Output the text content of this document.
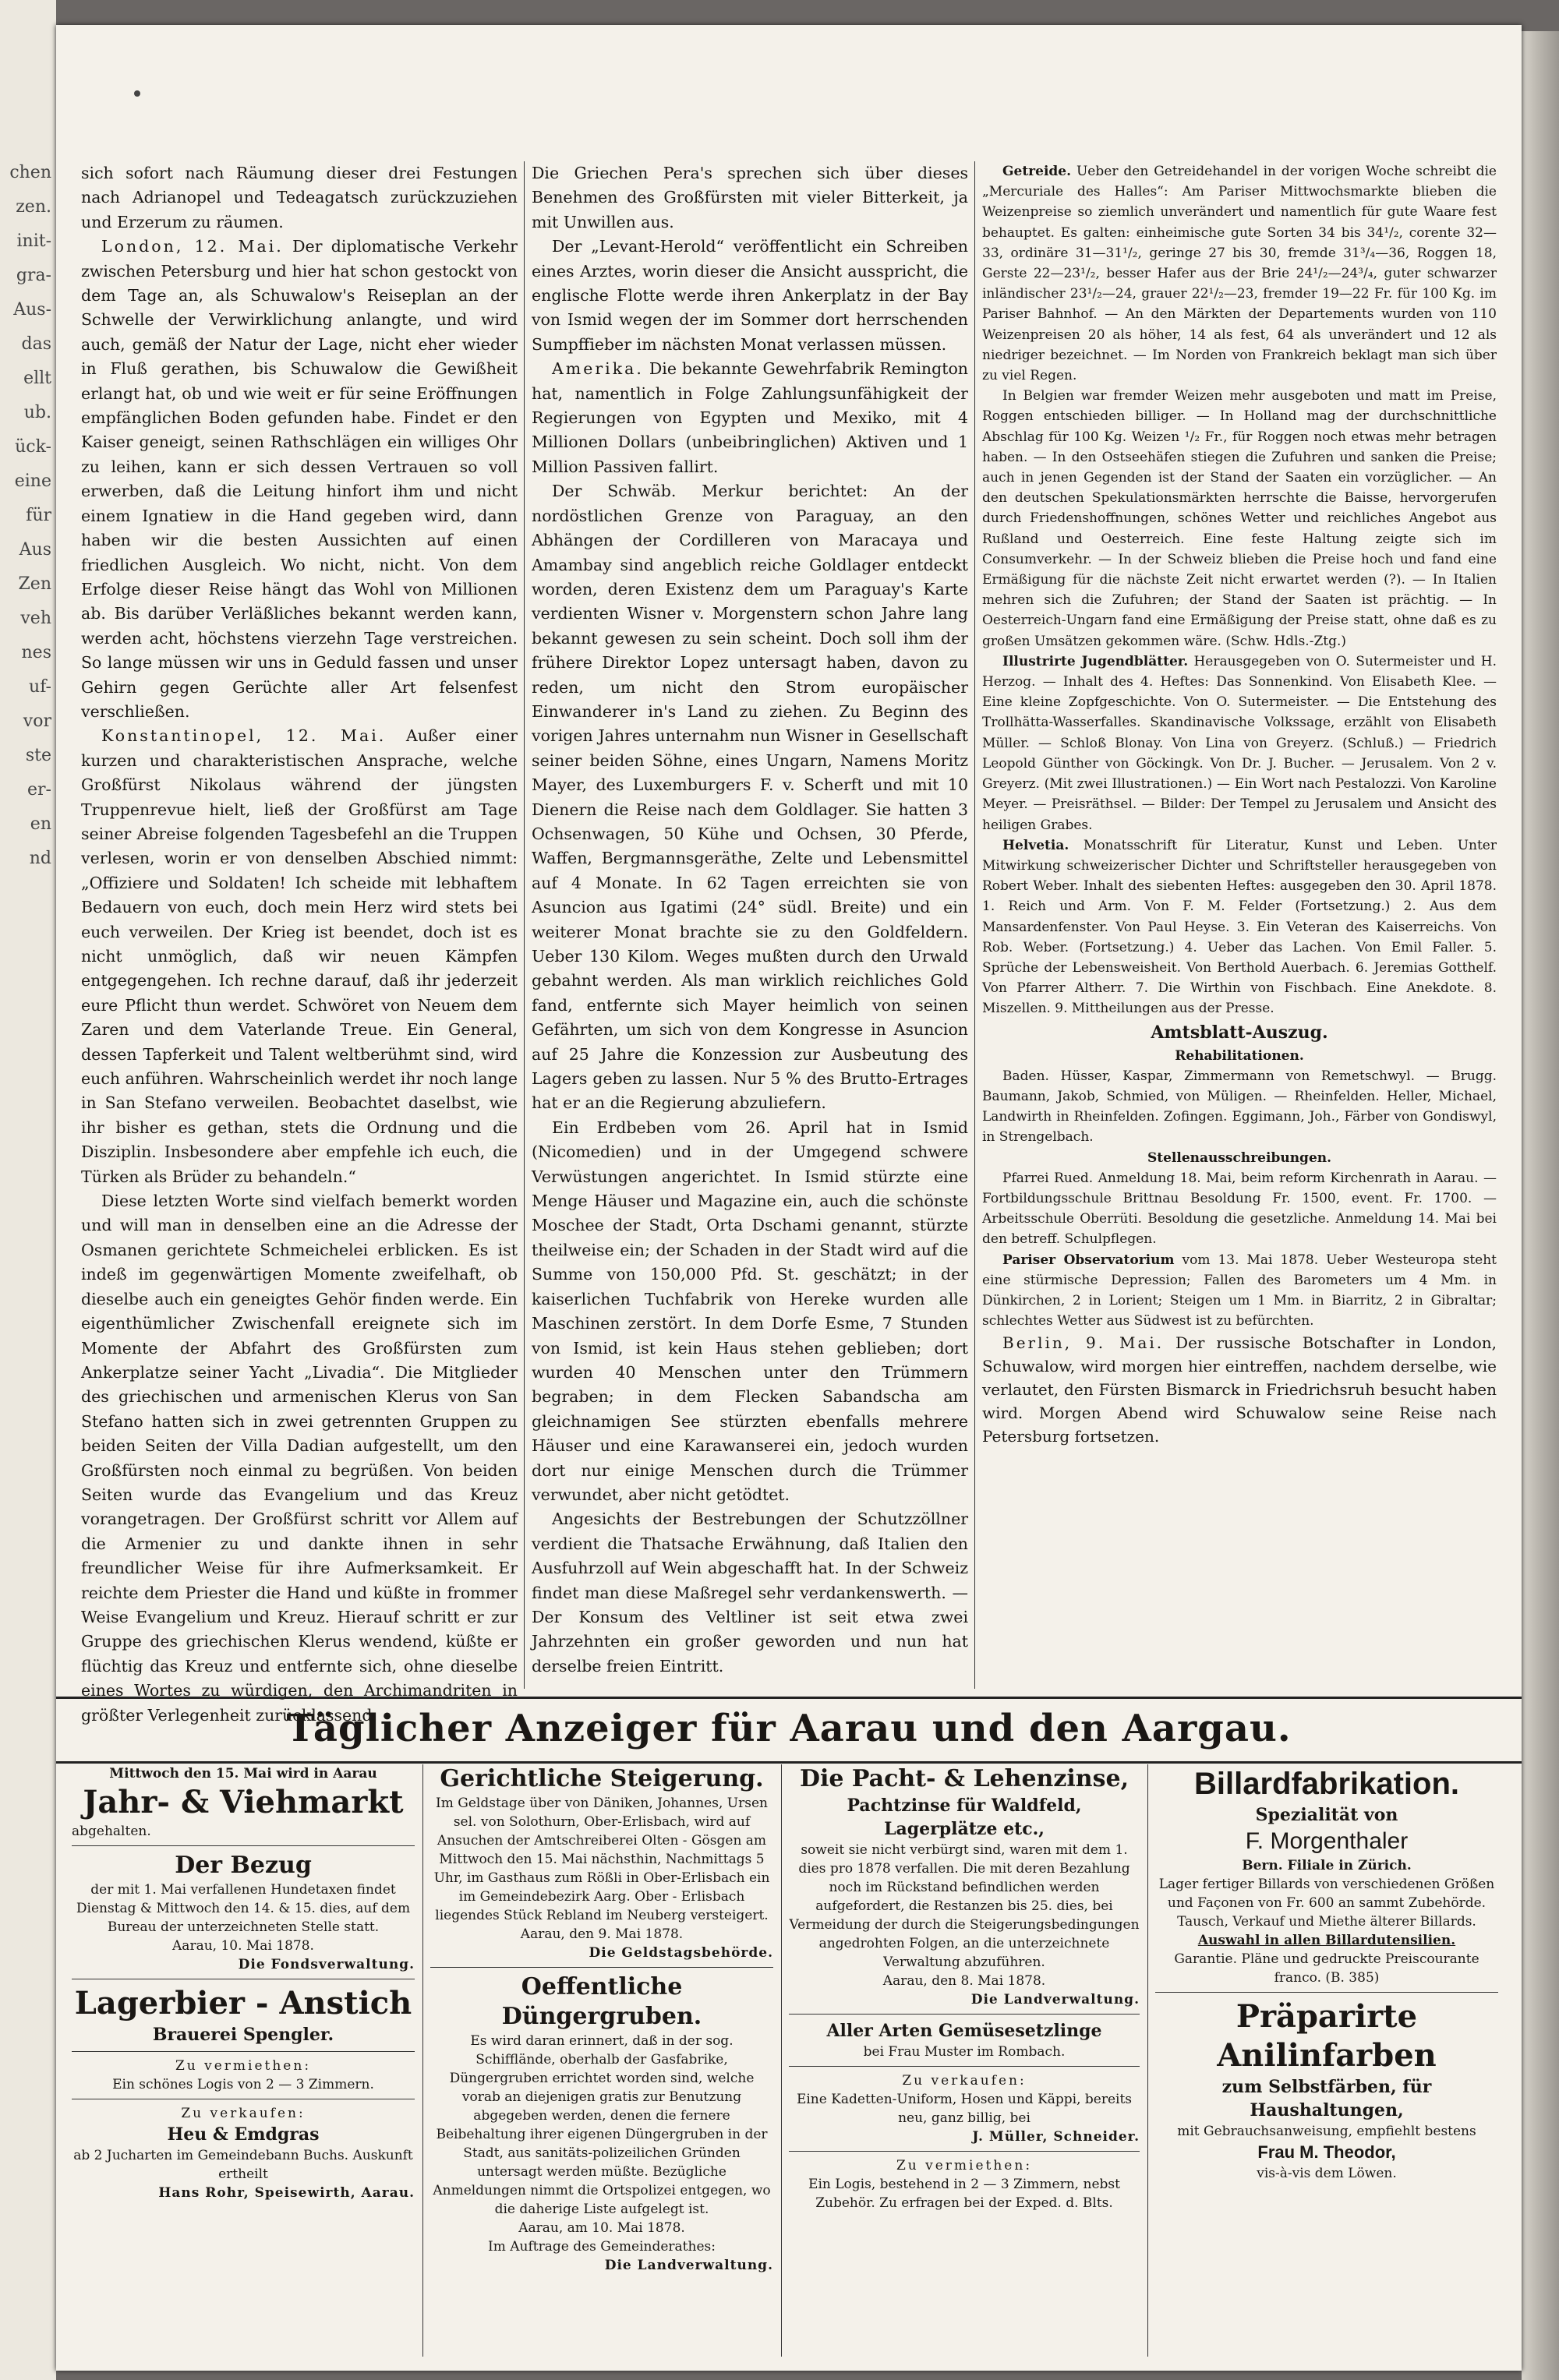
chen
zen.
init-
gra-
Aus-
das
ellt
ub.
ück-
eine
für
Aus
Zen
veh
nes
uf-
vor
ste
er-
en
nd

sich sofort nach Räumung dieser drei Festungen nach Adrianopel und Tedeagatsch zurückzuziehen und Erzerum zu räumen.

London, 12. Mai. Der diplomatische Verkehr zwischen Petersburg und hier hat schon gestockt von dem Tage an, als Schuwalow's Reiseplan an der Schwelle der Verwirklichung anlangte, und wird auch, gemäß der Natur der Lage, nicht eher wieder in Fluß gerathen, bis Schuwalow die Gewißheit erlangt hat, ob und wie weit er für seine Eröffnungen empfänglichen Boden gefunden habe. Findet er den Kaiser geneigt, seinen Rathschlägen ein williges Ohr zu leihen, kann er sich dessen Vertrauen so voll erwerben, daß die Leitung hinfort ihm und nicht einem Ignatiew in die Hand gegeben wird, dann haben wir die besten Aussichten auf einen friedlichen Ausgleich. Wo nicht, nicht. Von dem Erfolge dieser Reise hängt das Wohl von Millionen ab. Bis darüber Verläßliches bekannt werden kann, werden acht, höchstens vierzehn Tage verstreichen. So lange müssen wir uns in Geduld fassen und unser Gehirn gegen Gerüchte aller Art felsenfest verschließen.

Konstantinopel, 12. Mai. Außer einer kurzen und charakteristischen Ansprache, welche Großfürst Nikolaus während der jüngsten Truppenrevue hielt, ließ der Großfürst am Tage seiner Abreise folgenden Tagesbefehl an die Truppen verlesen, worin er von denselben Abschied nimmt: „Offiziere und Soldaten! Ich scheide mit lebhaftem Bedauern von euch, doch mein Herz wird stets bei euch verweilen. Der Krieg ist beendet, doch ist es nicht unmöglich, daß wir neuen Kämpfen entgegengehen. Ich rechne darauf, daß ihr jederzeit eure Pflicht thun werdet. Schwöret von Neuem dem Zaren und dem Vaterlande Treue. Ein General, dessen Tapferkeit und Talent weltberühmt sind, wird euch anführen. Wahrscheinlich werdet ihr noch lange in San Stefano verweilen. Beobachtet daselbst, wie ihr bisher es gethan, stets die Ordnung und die Disziplin. Insbesondere aber empfehle ich euch, die Türken als Brüder zu behandeln.“

Diese letzten Worte sind vielfach bemerkt worden und will man in denselben eine an die Adresse der Osmanen gerichtete Schmeichelei erblicken. Es ist indeß im gegenwärtigen Momente zweifelhaft, ob dieselbe auch ein geneigtes Gehör finden werde. Ein eigenthümlicher Zwischenfall ereignete sich im Momente der Abfahrt des Großfürsten zum Ankerplatze seiner Yacht „Livadia“. Die Mitglieder des griechischen und armenischen Klerus von San Stefano hatten sich in zwei getrennten Gruppen zu beiden Seiten der Villa Dadian aufgestellt, um den Großfürsten noch einmal zu begrüßen. Von beiden Seiten wurde das Evangelium und das Kreuz vorangetragen. Der Großfürst schritt vor Allem auf die Armenier zu und dankte ihnen in sehr freundlicher Weise für ihre Aufmerksamkeit. Er reichte dem Priester die Hand und küßte in frommer Weise Evangelium und Kreuz. Hierauf schritt er zur Gruppe des griechischen Klerus wendend, küßte er flüchtig das Kreuz und entfernte sich, ohne dieselbe eines Wortes zu würdigen, den Archimandriten in größter Verlegenheit zurücklassend.

Die Griechen Pera's sprechen sich über dieses Benehmen des Großfürsten mit vieler Bitterkeit, ja mit Unwillen aus.

Der „Levant-Herold“ veröffentlicht ein Schreiben eines Arztes, worin dieser die Ansicht ausspricht, die englische Flotte werde ihren Ankerplatz in der Bay von Ismid wegen der im Sommer dort herrschenden Sumpffieber im nächsten Monat verlassen müssen.

Amerika. Die bekannte Gewehrfabrik Remington hat, namentlich in Folge Zahlungsunfähigkeit der Regierungen von Egypten und Mexiko, mit 4 Millionen Dollars (unbeibringlichen) Aktiven und 1 Million Passiven fallirt.

Der Schwäb. Merkur berichtet: An der nordöstlichen Grenze von Paraguay, an den Abhängen der Cordilleren von Maracaya und Amambay sind angeblich reiche Goldlager entdeckt worden, deren Existenz dem um Paraguay's Karte verdienten Wisner v. Morgenstern schon Jahre lang bekannt gewesen zu sein scheint. Doch soll ihm der frühere Direktor Lopez untersagt haben, davon zu reden, um nicht den Strom europäischer Einwanderer in's Land zu ziehen. Zu Beginn des vorigen Jahres unternahm nun Wisner in Gesellschaft seiner beiden Söhne, eines Ungarn, Namens Moritz Mayer, des Luxemburgers F. v. Scherft und mit 10 Dienern die Reise nach dem Goldlager. Sie hatten 3 Ochsenwagen, 50 Kühe und Ochsen, 30 Pferde, Waffen, Bergmannsgeräthe, Zelte und Lebensmittel auf 4 Monate. In 62 Tagen erreichten sie von Asuncion aus Igatimi (24° südl. Breite) und ein weiterer Monat brachte sie zu den Goldfeldern. Ueber 130 Kilom. Weges mußten durch den Urwald gebahnt werden. Als man wirklich reichliches Gold fand, entfernte sich Mayer heimlich von seinen Gefährten, um sich von dem Kongresse in Asuncion auf 25 Jahre die Konzession zur Ausbeutung des Lagers geben zu lassen. Nur 5 % des Brutto-Ertrages hat er an die Regierung abzuliefern.

Ein Erdbeben vom 26. April hat in Ismid (Nicomedien) und in der Umgegend schwere Verwüstungen angerichtet. In Ismid stürzte eine Menge Häuser und Magazine ein, auch die schönste Moschee der Stadt, Orta Dschami genannt, stürzte theilweise ein; der Schaden in der Stadt wird auf die Summe von 150,000 Pfd. St. geschätzt; in der kaiserlichen Tuchfabrik von Hereke wurden alle Maschinen zerstört. In dem Dorfe Esme, 7 Stunden von Ismid, ist kein Haus stehen geblieben; dort wurden 40 Menschen unter den Trümmern begraben; in dem Flecken Sabandscha am gleichnamigen See stürzten ebenfalls mehrere Häuser und eine Karawanserei ein, jedoch wurden dort nur einige Menschen durch die Trümmer verwundet, aber nicht getödtet.

Angesichts der Bestrebungen der Schutzzöllner verdient die Thatsache Erwähnung, daß Italien den Ausfuhrzoll auf Wein abgeschafft hat. In der Schweiz findet man diese Maßregel sehr verdankenswerth. — Der Konsum des Veltliner ist seit etwa zwei Jahrzehnten ein großer geworden und nun hat derselbe freien Eintritt.

Getreide. Ueber den Getreidehandel in der vorigen Woche schreibt die „Mercuriale des Halles“: Am Pariser Mittwochsmarkte blieben die Weizenpreise so ziemlich unverändert und namentlich für gute Waare fest behauptet. Es galten: einheimische gute Sorten 34 bis 34¹/₂, corente 32—33, ordinäre 31—31¹/₂, geringe 27 bis 30, fremde 31³/₄—36, Roggen 18, Gerste 22—23¹/₂, besser Hafer aus der Brie 24¹/₂—24³/₄, guter schwarzer inländischer 23¹/₂—24, grauer 22¹/₂—23, fremder 19—22 Fr. für 100 Kg. im Pariser Bahnhof. — An den Märkten der Departements wurden von 110 Weizenpreisen 20 als höher, 14 als fest, 64 als unverändert und 12 als niedriger bezeichnet. — Im Norden von Frankreich beklagt man sich über zu viel Regen.

In Belgien war fremder Weizen mehr ausgeboten und matt im Preise, Roggen entschieden billiger. — In Holland mag der durchschnittliche Abschlag für 100 Kg. Weizen ¹/₂ Fr., für Roggen noch etwas mehr betragen haben. — In den Ostseehäfen stiegen die Zufuhren und sanken die Preise; auch in jenen Gegenden ist der Stand der Saaten ein vorzüglicher. — An den deutschen Spekulationsmärkten herrschte die Baisse, hervorgerufen durch Friedenshoffnungen, schönes Wetter und reichliches Angebot aus Rußland und Oesterreich. Eine feste Haltung zeigte sich im Consumverkehr. — In der Schweiz blieben die Preise hoch und fand eine Ermäßigung für die nächste Zeit nicht erwartet werden (?). — In Italien mehren sich die Zufuhren; der Stand der Saaten ist prächtig. — In Oesterreich-Ungarn fand eine Ermäßigung der Preise statt, ohne daß es zu großen Umsätzen gekommen wäre. (Schw. Hdls.-Ztg.)

Illustrirte Jugendblätter. Herausgegeben von O. Sutermeister und H. Herzog. — Inhalt des 4. Heftes: Das Sonnenkind. Von Elisabeth Klee. — Eine kleine Zopfgeschichte. Von O. Sutermeister. — Die Entstehung des Trollhätta-Wasserfalles. Skandinavische Volkssage, erzählt von Elisabeth Müller. — Schloß Blonay. Von Lina von Greyerz. (Schluß.) — Friedrich Leopold Günther von Göckingk. Von Dr. J. Bucher. — Jerusalem. Von 2 v. Greyerz. (Mit zwei Illustrationen.) — Ein Wort nach Pestalozzi. Von Karoline Meyer. — Preisräthsel. — Bilder: Der Tempel zu Jerusalem und Ansicht des heiligen Grabes.

Helvetia. Monatsschrift für Literatur, Kunst und Leben. Unter Mitwirkung schweizerischer Dichter und Schriftsteller herausgegeben von Robert Weber. Inhalt des siebenten Heftes: ausgegeben den 30. April 1878. 1. Reich und Arm. Von F. M. Felder (Fortsetzung.) 2. Aus dem Mansardenfenster. Von Paul Heyse. 3. Ein Veteran des Kaiserreichs. Von Rob. Weber. (Fortsetzung.) 4. Ueber das Lachen. Von Emil Faller. 5. Sprüche der Lebensweisheit. Von Berthold Auerbach. 6. Jeremias Gotthelf. Von Pfarrer Altherr. 7. Die Wirthin von Fischbach. Eine Anekdote. 8. Miszellen. 9. Mittheilungen aus der Presse.

Amtsblatt-Auszug.
Rehabilitationen.

Baden. Hüsser, Kaspar, Zimmermann von Remetschwyl. — Brugg. Baumann, Jakob, Schmied, von Müligen. — Rheinfelden. Heller, Michael, Landwirth in Rheinfelden. Zofingen. Eggimann, Joh., Färber von Gondiswyl, in Strengelbach.

Stellenausschreibungen.

Pfarrei Rued. Anmeldung 18. Mai, beim reform Kirchenrath in Aarau. — Fortbildungsschule Brittnau Besoldung Fr. 1500, event. Fr. 1700. — Arbeitsschule Oberrüti. Besoldung die gesetzliche. Anmeldung 14. Mai bei den betreff. Schulpflegen.

Pariser Observatorium vom 13. Mai 1878. Ueber Westeuropa steht eine stürmische Depression; Fallen des Barometers um 4 Mm. in Dünkirchen, 2 in Lorient; Steigen um 1 Mm. in Biarritz, 2 in Gibraltar; schlechtes Wetter aus Südwest ist zu befürchten.

Berlin, 9. Mai. Der russische Botschafter in London, Schuwalow, wird morgen hier eintreffen, nachdem derselbe, wie verlautet, den Fürsten Bismarck in Friedrichsruh besucht haben wird. Morgen Abend wird Schuwalow seine Reise nach Petersburg fortsetzen.

Täglicher Anzeiger für Aarau und den Aargau.
Mittwoch den 15. Mai wird in Aarau
Jahr- & Viehmarkt
abgehalten.
Der Bezug
der mit 1. Mai verfallenen Hundetaxen findet Dienstag & Mittwoch den 14. & 15. dies, auf dem Bureau der unterzeichneten Stelle statt.
Aarau, 10. Mai 1878.
Die Fondsverwaltung.
Lagerbier - Anstich
Brauerei Spengler.
Zu vermiethen:
Ein schönes Logis von 2 — 3 Zimmern.
Zu verkaufen:
Heu & Emdgras
ab 2 Jucharten im Gemeindebann Buchs. Auskunft ertheilt
Hans Rohr, Speisewirth, Aarau.
Gerichtliche Steigerung.
Im Geldstage über von Däniken, Johannes, Ursen sel. von Solothurn, Ober-Erlisbach, wird auf Ansuchen der Amtschreiberei Olten - Gösgen am Mittwoch den 15. Mai nächsthin, Nachmittags 5 Uhr, im Gasthaus zum Rößli in Ober-Erlisbach ein im Gemeindebezirk Aarg. Ober - Erlisbach liegendes Stück Rebland im Neuberg versteigert.
Aarau, den 9. Mai 1878.
Die Geldstagsbehörde.
Oeffentliche Düngergruben.
Es wird daran erinnert, daß in der sog. Schifflände, oberhalb der Gasfabrike, Düngergruben errichtet worden sind, welche vorab an diejenigen gratis zur Benutzung abgegeben werden, denen die fernere Beibehaltung ihrer eigenen Düngergruben in der Stadt, aus sanitäts-polizeilichen Gründen untersagt werden müßte. Bezügliche Anmeldungen nimmt die Ortspolizei entgegen, wo die daherige Liste aufgelegt ist.
Aarau, am 10. Mai 1878.
Im Auftrage des Gemeinderathes:
Die Landverwaltung.
Die Pacht- & Lehenzinse,
Pachtzinse für Waldfeld, Lagerplätze etc.,
soweit sie nicht verbürgt sind, waren mit dem 1. dies pro 1878 verfallen. Die mit deren Bezahlung noch im Rückstand befindlichen werden aufgefordert, die Restanzen bis 25. dies, bei Vermeidung der durch die Steigerungsbedingungen angedrohten Folgen, an die unterzeichnete Verwaltung abzuführen.
Aarau, den 8. Mai 1878.
Die Landverwaltung.
Aller Arten Gemüsesetzlinge
bei Frau Muster im Rombach.
Zu verkaufen:
Eine Kadetten-Uniform, Hosen und Käppi, bereits neu, ganz billig, bei
J. Müller, Schneider.
Zu vermiethen:
Ein Logis, bestehend in 2 — 3 Zimmern, nebst Zubehör. Zu erfragen bei der Exped. d. Blts.
Billardfabrikation.
Spezialität von
F. Morgenthaler
Bern. Filiale in Zürich.
Lager fertiger Billards von verschiedenen Größen und Façonen von Fr. 600 an sammt Zubehörde. Tausch, Verkauf und Miethe älterer Billards.
Auswahl in allen Billardutensilien.
Garantie. Pläne und gedruckte Preiscourante franco. (B. 385)
Präparirte Anilinfarben
zum Selbstfärben, für Haushaltungen,
mit Gebrauchsanweisung, empfiehlt bestens
Frau M. Theodor,
vis-à-vis dem Löwen.
